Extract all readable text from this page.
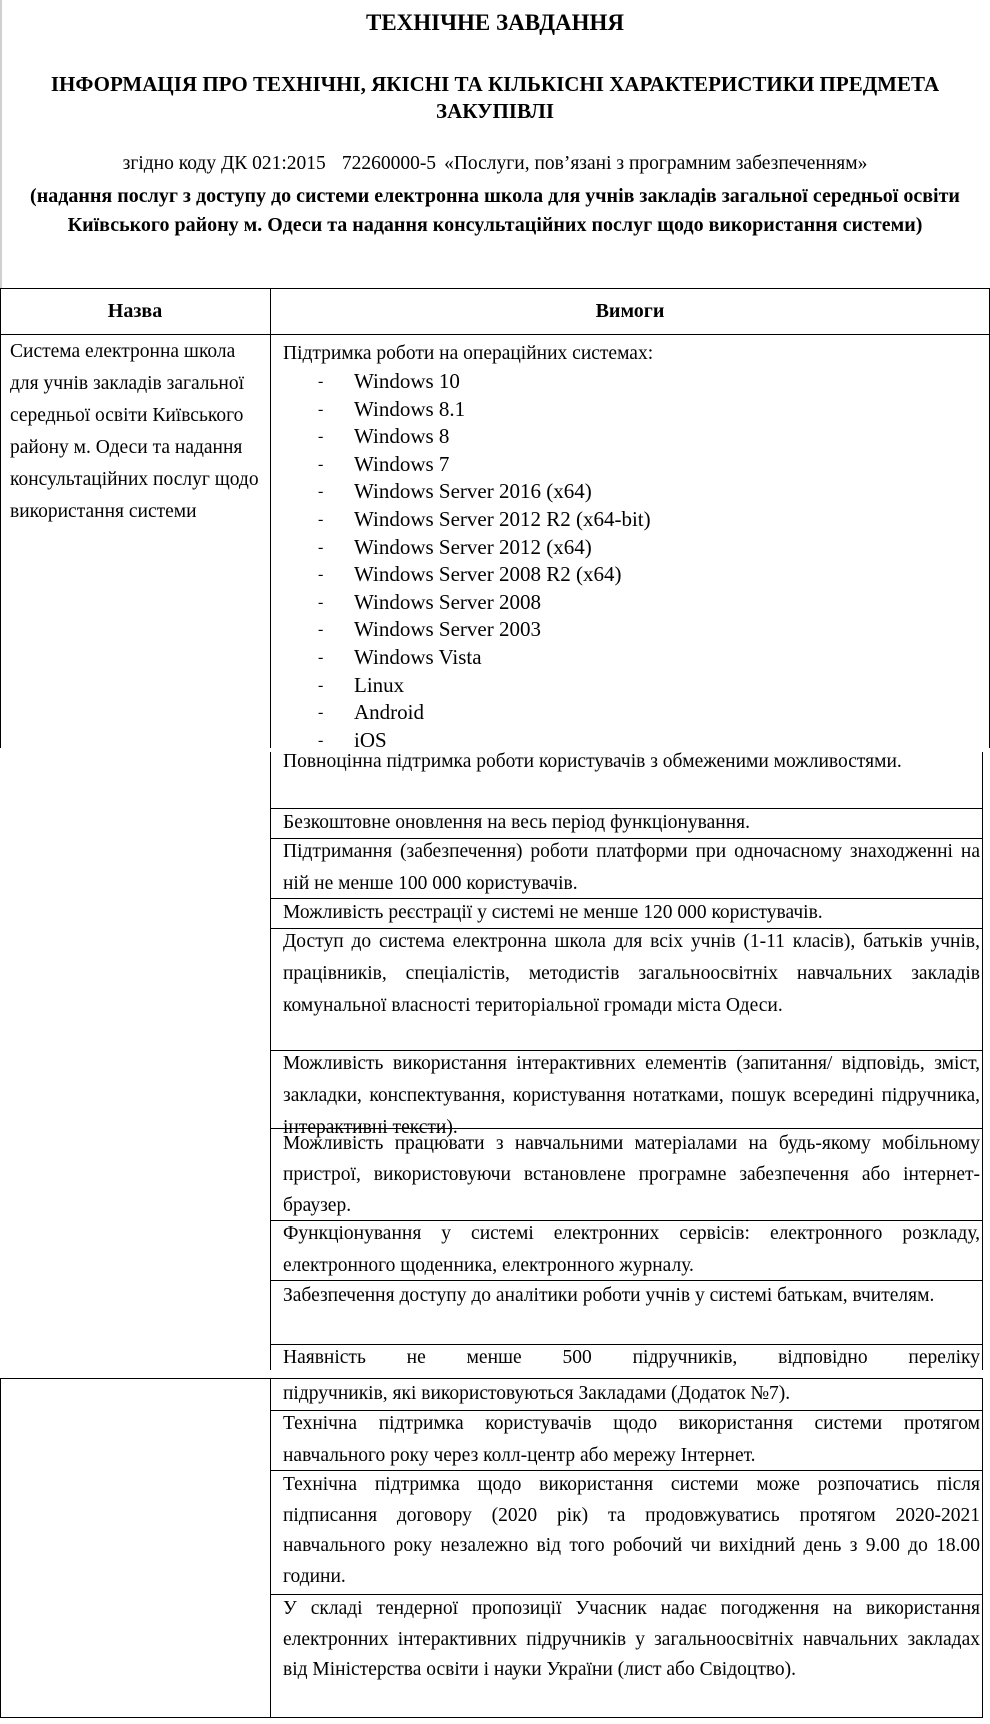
ТЕХНІЧНЕ ЗАВДАННЯ
ІНФОРМАЦІЯ ПРО ТЕХНІЧНІ, ЯКІСНІ ТА КІЛЬКІСНІ ХАРАКТЕРИСТИКИ ПРЕДМЕТА ЗАКУПІВЛІ

згідно коду ДК 021:2015 72260000-5 «Послуги, пов’язані з програмним забезпеченням»

(надання послуг з доступу до системи електронна школа для учнів закладів загальної середньої освіти Київського району м. Одеси та надання консультаційних послуг щодо використання системи)

Назва	Вимоги
Система електронна школа для учнів закладів загальної середньої освіти Київського району м. Одеси та надання консультаційних послуг щодо використання системи
Підтримка роботи на операційних системах:
-	Windows 10
-	Windows 8.1
-	Windows 8
-	Windows 7
-	Windows Server 2016 (x64)
-	Windows Server 2012 R2 (x64-bit)
-	Windows Server 2012 (x64)
-	Windows Server 2008 R2 (x64)
-	Windows Server 2008
-	Windows Server 2003
-	Windows Vista
-	Linux
-	Android
-	iOS
Повноцінна підтримка роботи користувачів з обмеженими можливостями.
Безкоштовне оновлення на весь період функціонування.
Підтримання (забезпечення) роботи платформи при одночасному знаходженні на ній не менше 100 000 користувачів.
Можливість реєстрації у системі не менше 120 000 користувачів.
Доступ до система електронна школа для всіх учнів (1-11 класів), батьків учнів, працівників, спеціалістів, методистів загальноосвітніх навчальних закладів комунальної власності територіальної громади міста Одеси.
Можливість використання інтерактивних елементів (запитання/ відповідь, зміст, закладки, конспектування, користування нотатками, пошук всередині підручника, інтерактивні тексти).
Можливість працювати з навчальними матеріалами на будь-якому мобільному пристрої, використовуючи встановлене програмне забезпечення або інтернет-браузер.
Функціонування у системі електронних сервісів: електронного розкладу, електронного щоденника, електронного журналу.
Забезпечення доступу до аналітики роботи учнів у системі батькам, вчителям.
Наявність не менше 500 підручників, відповідно переліку
підручників, які використовуються Закладами (Додаток №7).
Технічна підтримка користувачів щодо використання системи протягом навчального року через колл-центр або мережу Інтернет.
Технічна підтримка щодо використання системи може розпочатись після підписання договору (2020 рік) та продовжуватись протягом 2020-2021 навчального року незалежно від того робочий чи вихідний день з 9.00 до 18.00 години.
У складі тендерної пропозиції Учасник надає погодження на використання електронних інтерактивних підручників у загальноосвітніх навчальних закладах від Міністерства освіти і науки України (лист або Свідоцтво).
